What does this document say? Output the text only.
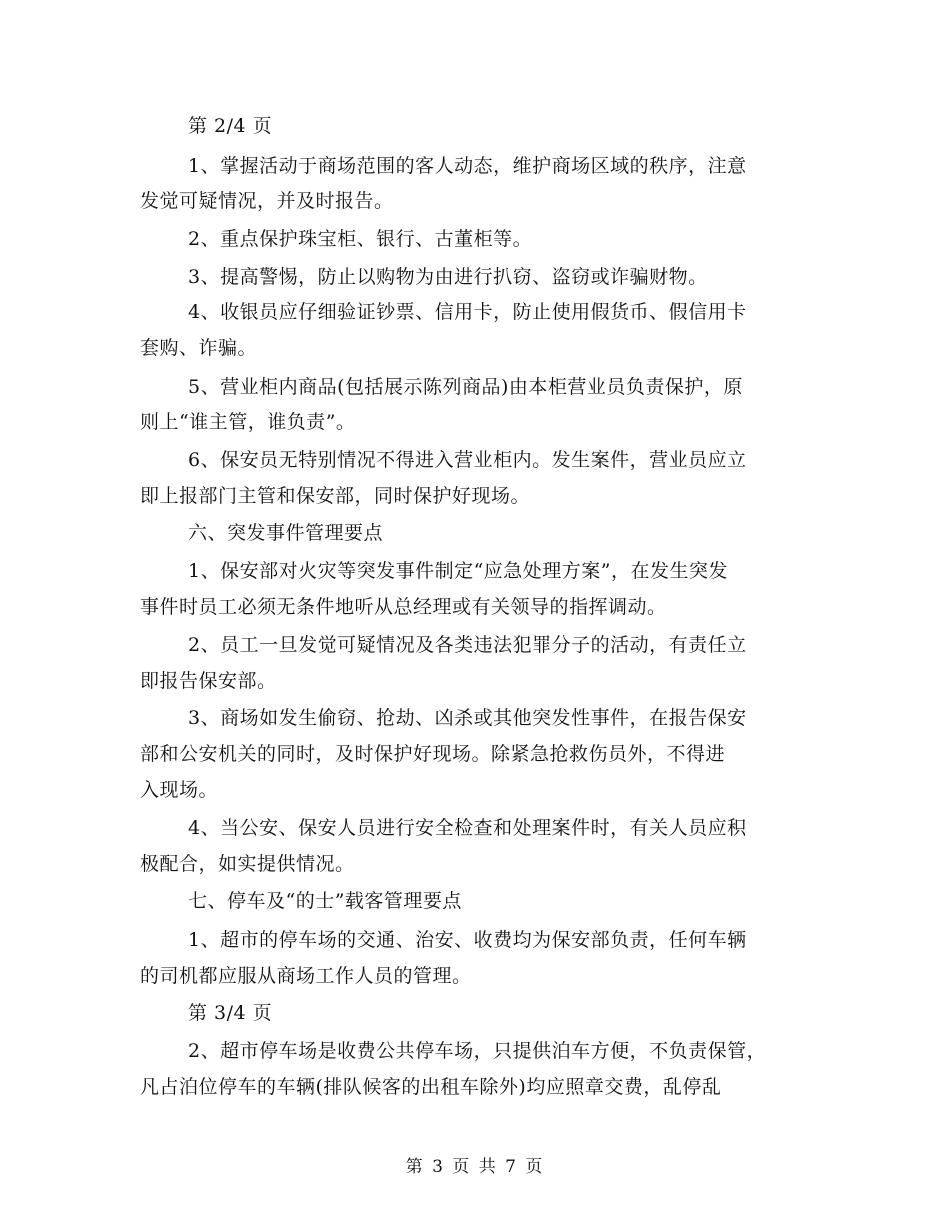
第 2/4 页
1、掌握活动于商场范围的客人动态，维护商场区域的秩序，注意
发觉可疑情况，并及时报告。
2、重点保护珠宝柜、银行、古董柜等。
3、提高警惕，防止以购物为由进行扒窃、盗窃或诈骗财物。
4、收银员应仔细验证钞票、信用卡，防止使用假货币、假信用卡
套购、诈骗。
5、营业柜内商品(包括展示陈列商品)由本柜营业员负责保护，原
则上“谁主管，谁负责”。
6、保安员无特别情况不得进入营业柜内。发生案件，营业员应立
即上报部门主管和保安部，同时保护好现场。
六、突发事件管理要点
1、保安部对火灾等突发事件制定“应急处理方案”，在发生突发
事件时员工必须无条件地听从总经理或有关领导的指挥调动。
2、员工一旦发觉可疑情况及各类违法犯罪分子的活动，有责任立
即报告保安部。
3、商场如发生偷窃、抢劫、凶杀或其他突发性事件，在报告保安
部和公安机关的同时，及时保护好现场。除紧急抢救伤员外，不得进
入现场。
4、当公安、保安人员进行安全检查和处理案件时，有关人员应积
极配合，如实提供情况。
七、停车及“的士”载客管理要点
1、超市的停车场的交通、治安、收费均为保安部负责，任何车辆
的司机都应服从商场工作人员的管理。
第 3/4 页
2、超市停车场是收费公共停车场，只提供泊车方便，不负责保管，
凡占泊位停车的车辆(排队候客的出租车除外)均应照章交费，乱停乱
第 3 页 共 7 页
